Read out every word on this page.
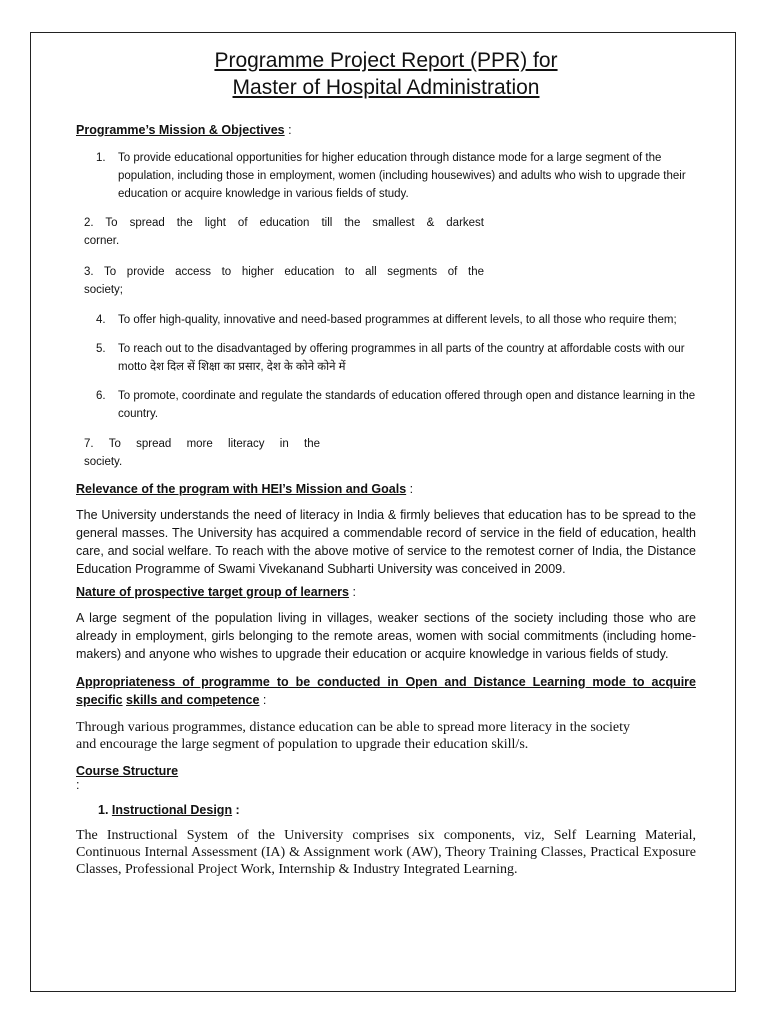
Programme Project Report (PPR) for
Master of Hospital Administration
Programme’s Mission & Objectives :
1. To provide educational opportunities for higher education through distance mode for a large segment of the population, including those in employment, women (including housewives) and adults who wish to upgrade their education or acquire knowledge in various fields of study.
2. To spread the light of education till the smallest & darkest
corner.
3. To provide access to higher education to all segments of the
society;
4. To offer high-quality, innovative and need-based programmes at different levels, to all those who require them;
5. To reach out to the disadvantaged by offering programmes in all parts of the country at affordable costs with our motto देश दिल सें शिक्षा का प्रसार, देश के कोने कोने में
6. To promote, coordinate and regulate the standards of education offered through open and distance learning in the country.
7. To spread more literacy in the
society.
Relevance of the program with HEI’s Mission and Goals :

The University understands the need of literacy in India & firmly believes that education has to be spread to the general masses. The University has acquired a commendable record of service in the field of education, health care, and social welfare. To reach with the above motive of service to the remotest corner of India, the Distance Education Programme of Swami Vivekanand Subharti University was conceived in 2009.

Nature of prospective target group of learners :

A large segment of the population living in villages, weaker sections of the society including those who are already in employment, girls belonging to the remote areas, women with social commitments (including home- makers) and anyone who wishes to upgrade their education or acquire knowledge in various fields of study.

Appropriateness of programme to be conducted in Open and Distance Learning mode to acquire specific skills and competence :
Through various programmes, distance education can be able to spread more literacy in the society
and encourage the large segment of population to upgrade their education skill/s.
Course Structure
:
1. Instructional Design :

The Instructional System of the University comprises six components, viz, Self Learning Material, Continuous Internal Assessment (IA) & Assignment work (AW), Theory Training Classes, Practical Exposure Classes, Professional Project Work, Internship & Industry Integrated Learning.
